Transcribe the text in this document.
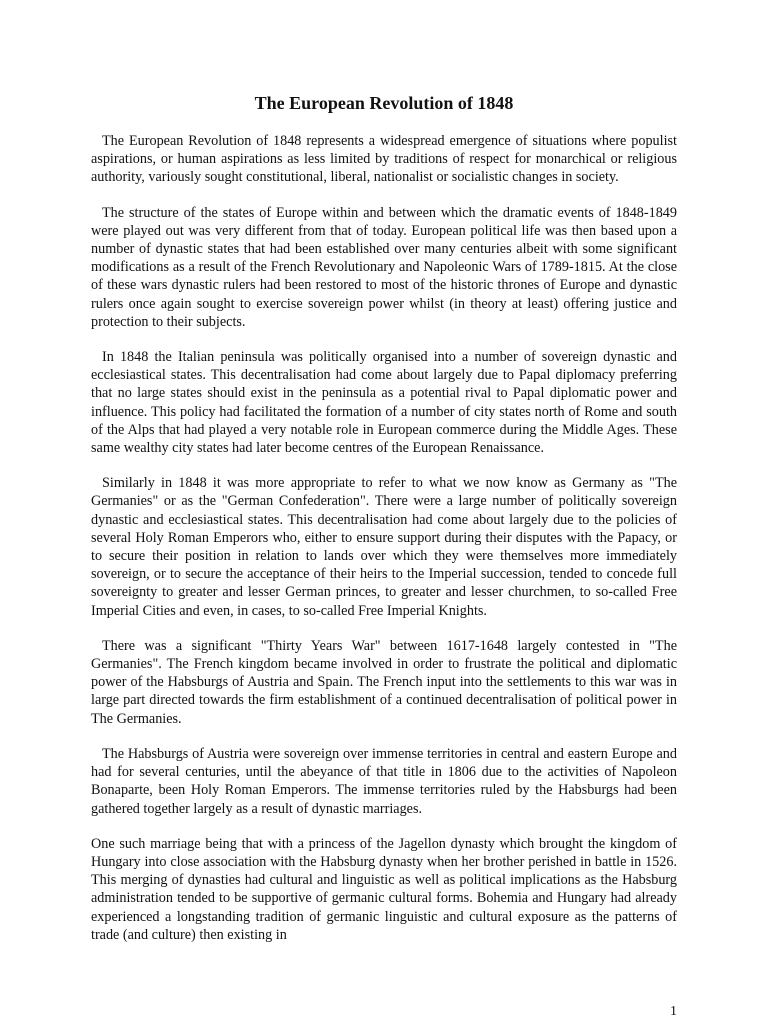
The European Revolution of 1848

The European Revolution of 1848 represents a widespread emergence of situations where populist aspirations, or human aspirations as less limited by traditions of respect for monarchical or religious authority, variously sought constitutional, liberal, nationalist or socialistic changes in society.

The structure of the states of Europe within and between which the dramatic events of 1848-1849 were played out was very different from that of today. European political life was then based upon a number of dynastic states that had been established over many centuries albeit with some significant modifications as a result of the French Revolutionary and Napoleonic Wars of 1789-1815. At the close of these wars dynastic rulers had been restored to most of the historic thrones of Europe and dynastic rulers once again sought to exercise sovereign power whilst (in theory at least) offering justice and protection to their subjects.

In 1848 the Italian peninsula was politically organised into a number of sovereign dynastic and ecclesiastical states. This decentralisation had come about largely due to Papal diplomacy preferring that no large states should exist in the peninsula as a potential rival to Papal diplomatic power and influence. This policy had facilitated the formation of a number of city states north of Rome and south of the Alps that had played a very notable role in European commerce during the Middle Ages. These same wealthy city states had later become centres of the European Renaissance.

Similarly in 1848 it was more appropriate to refer to what we now know as Germany as "The Germanies" or as the "German Confederation". There were a large number of politically sovereign dynastic and ecclesiastical states. This decentralisation had come about largely due to the policies of several Holy Roman Emperors who, either to ensure support during their disputes with the Papacy, or to secure their position in relation to lands over which they were themselves more immediately sovereign, or to secure the acceptance of their heirs to the Imperial succession, tended to concede full sovereignty to greater and lesser German princes, to greater and lesser churchmen, to so-called Free Imperial Cities and even, in cases, to so-called Free Imperial Knights.

There was a significant "Thirty Years War" between 1617-1648 largely contested in "The Germanies". The French kingdom became involved in order to frustrate the political and diplomatic power of the Habsburgs of Austria and Spain. The French input into the settlements to this war was in large part directed towards the firm establishment of a continued decentralisation of political power in The Germanies.

The Habsburgs of Austria were sovereign over immense territories in central and eastern Europe and had for several centuries, until the abeyance of that title in 1806 due to the activities of Napoleon Bonaparte, been Holy Roman Emperors. The immense territories ruled by the Habsburgs had been gathered together largely as a result of dynastic marriages.

One such marriage being that with a princess of the Jagellon dynasty which brought the kingdom of Hungary into close association with the Habsburg dynasty when her brother perished in battle in 1526. This merging of dynasties had cultural and linguistic as well as political implications as the Habsburg administration tended to be supportive of germanic cultural forms. Bohemia and Hungary had already experienced a longstanding tradition of germanic linguistic and cultural exposure as the patterns of trade (and culture) then existing in

1
